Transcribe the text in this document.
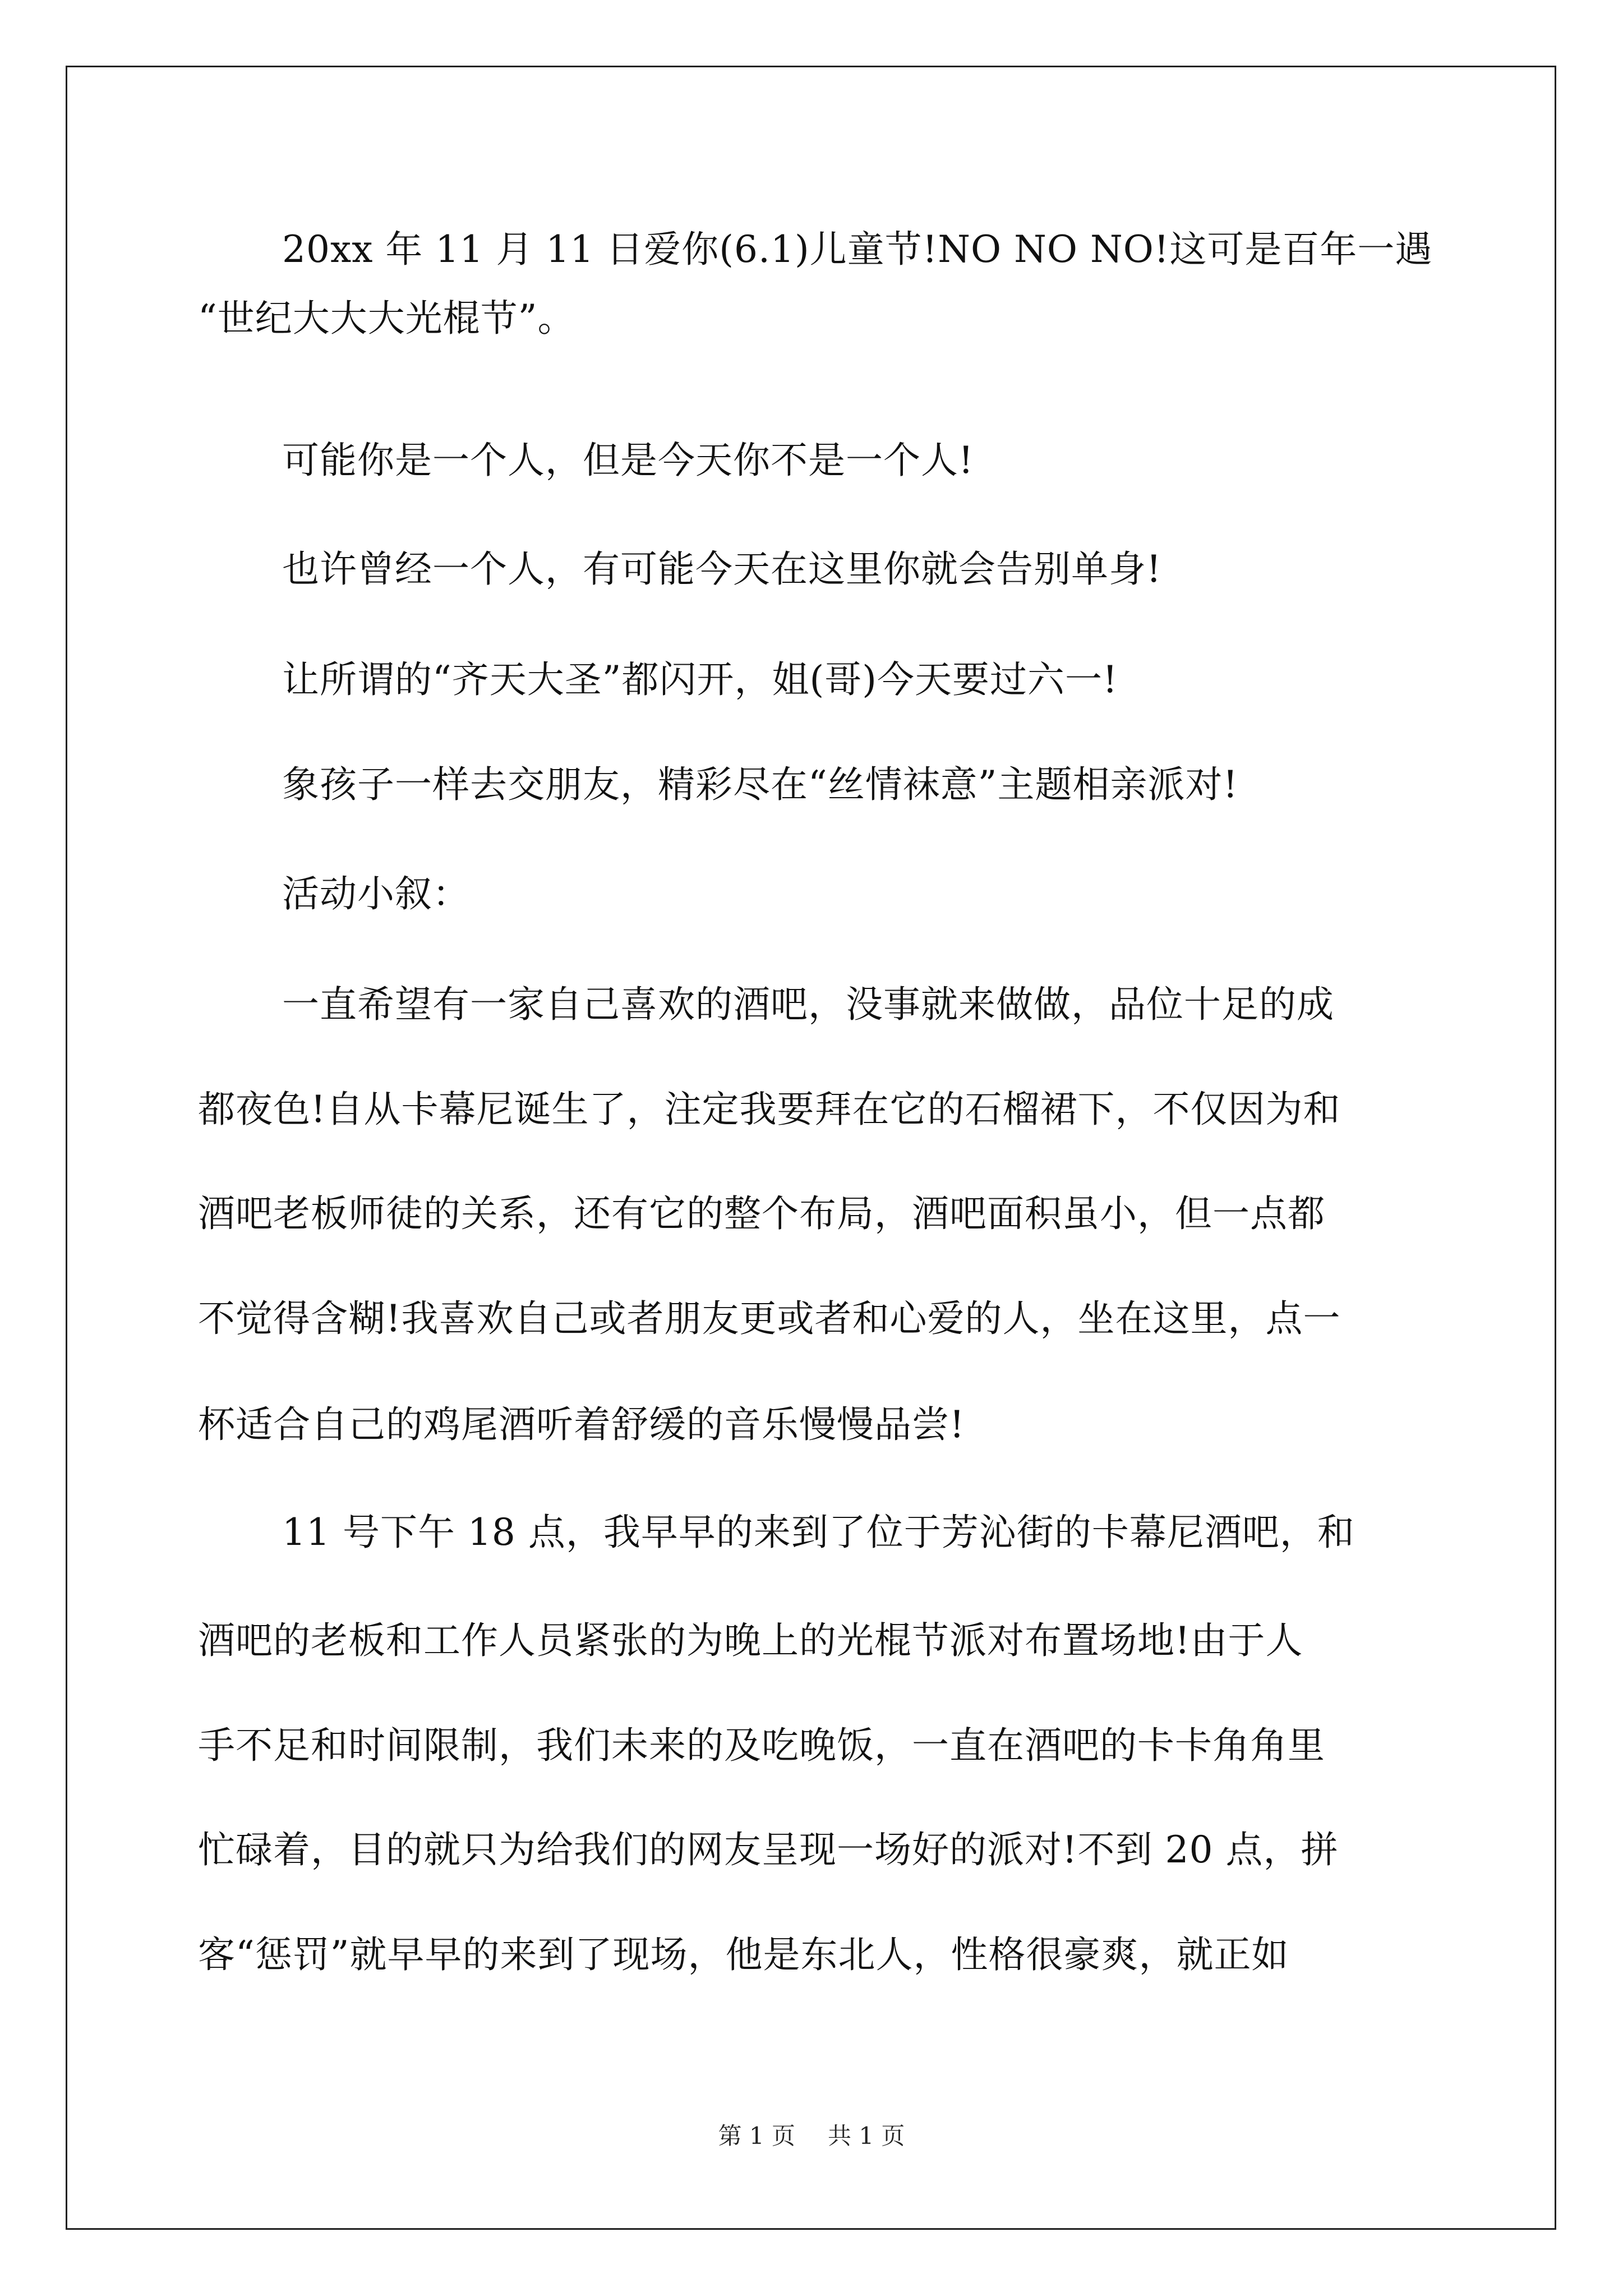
20xx 年 11 月 11 日爱你(6.1)儿童节!NO NO NO!这可是百年一遇
“世纪大大大光棍节”。
可能你是一个人，但是今天你不是一个人!
也许曾经一个人，有可能今天在这里你就会告别单身!
让所谓的“齐天大圣”都闪开，姐(哥)今天要过六一!
象孩子一样去交朋友，精彩尽在“丝情袜意”主题相亲派对!
活动小叙：
一直希望有一家自己喜欢的酒吧，没事就来做做，品位十足的成
都夜色!自从卡幕尼诞生了，注定我要拜在它的石榴裙下，不仅因为和
酒吧老板师徒的关系，还有它的整个布局，酒吧面积虽小，但一点都
不觉得含糊!我喜欢自己或者朋友更或者和心爱的人，坐在这里，点一
杯适合自己的鸡尾酒听着舒缓的音乐慢慢品尝!
11 号下午 18 点，我早早的来到了位于芳沁街的卡幕尼酒吧，和
酒吧的老板和工作人员紧张的为晚上的光棍节派对布置场地!由于人
手不足和时间限制，我们未来的及吃晚饭，一直在酒吧的卡卡角角里
忙碌着，目的就只为给我们的网友呈现一场好的派对!不到 20 点，拼
客“惩罚”就早早的来到了现场，他是东北人，性格很豪爽，就正如
第 1 页 共 1 页
